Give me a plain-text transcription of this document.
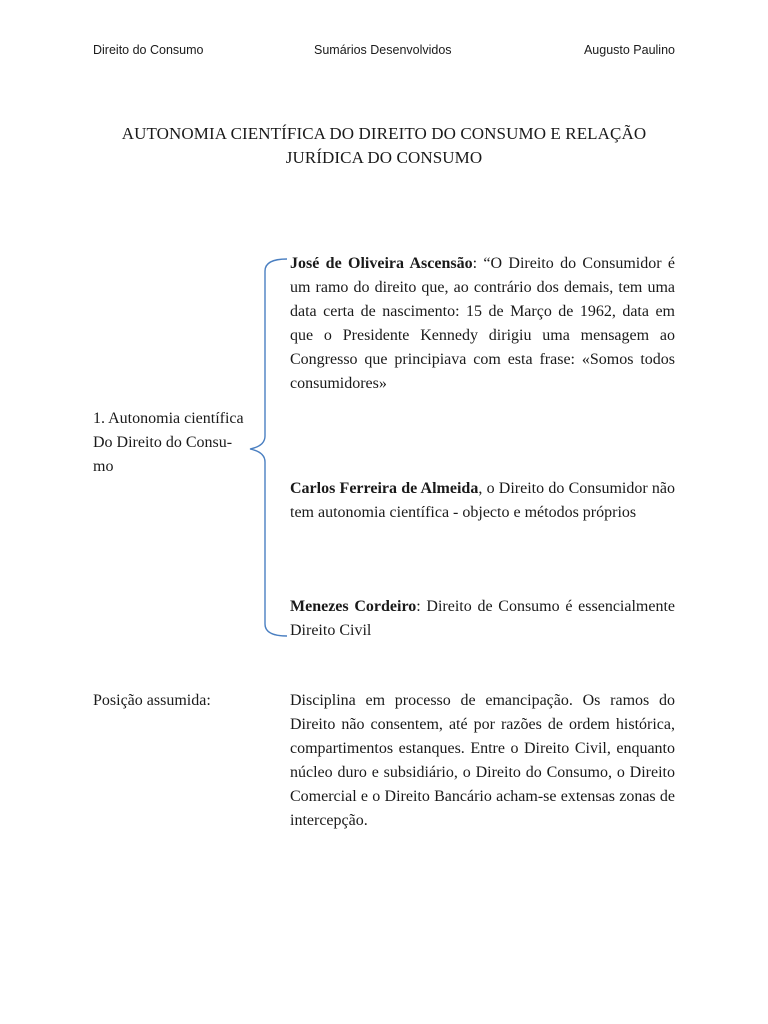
Direito do Consumo	Sumários Desenvolvidos	Augusto Paulino
AUTONOMIA CIENTÍFICA DO DIREITO DO CONSUMO E RELAÇÃO
JURÍDICA DO CONSUMO
1. Autonomia científica
Do Direito do Consu-
mo
José de Oliveira Ascensão: “O Direito do Consumidor é um ramo do direito que, ao contrário dos demais, tem uma data certa de nascimento: 15 de Março de 1962, data em que o Presidente Kennedy dirigiu uma mensagem ao Congresso que principiava com esta frase: «Somos todos consumidores»
Carlos Ferreira de Almeida, o Direito do Consumidor não tem autonomia científica - objecto e métodos próprios
Menezes Cordeiro: Direito de Consumo é essencialmente Direito Civil
Posição assumida:	Disciplina em processo de emancipação. Os ramos do Direito não consentem, até por razões de ordem histórica, compartimentos estanques. Entre o Direito Civil, enquanto núcleo duro e subsidiário, o Direito do Consumo, o Direito Comercial e o Direito Bancário acham-se extensas zonas de intercepção.
